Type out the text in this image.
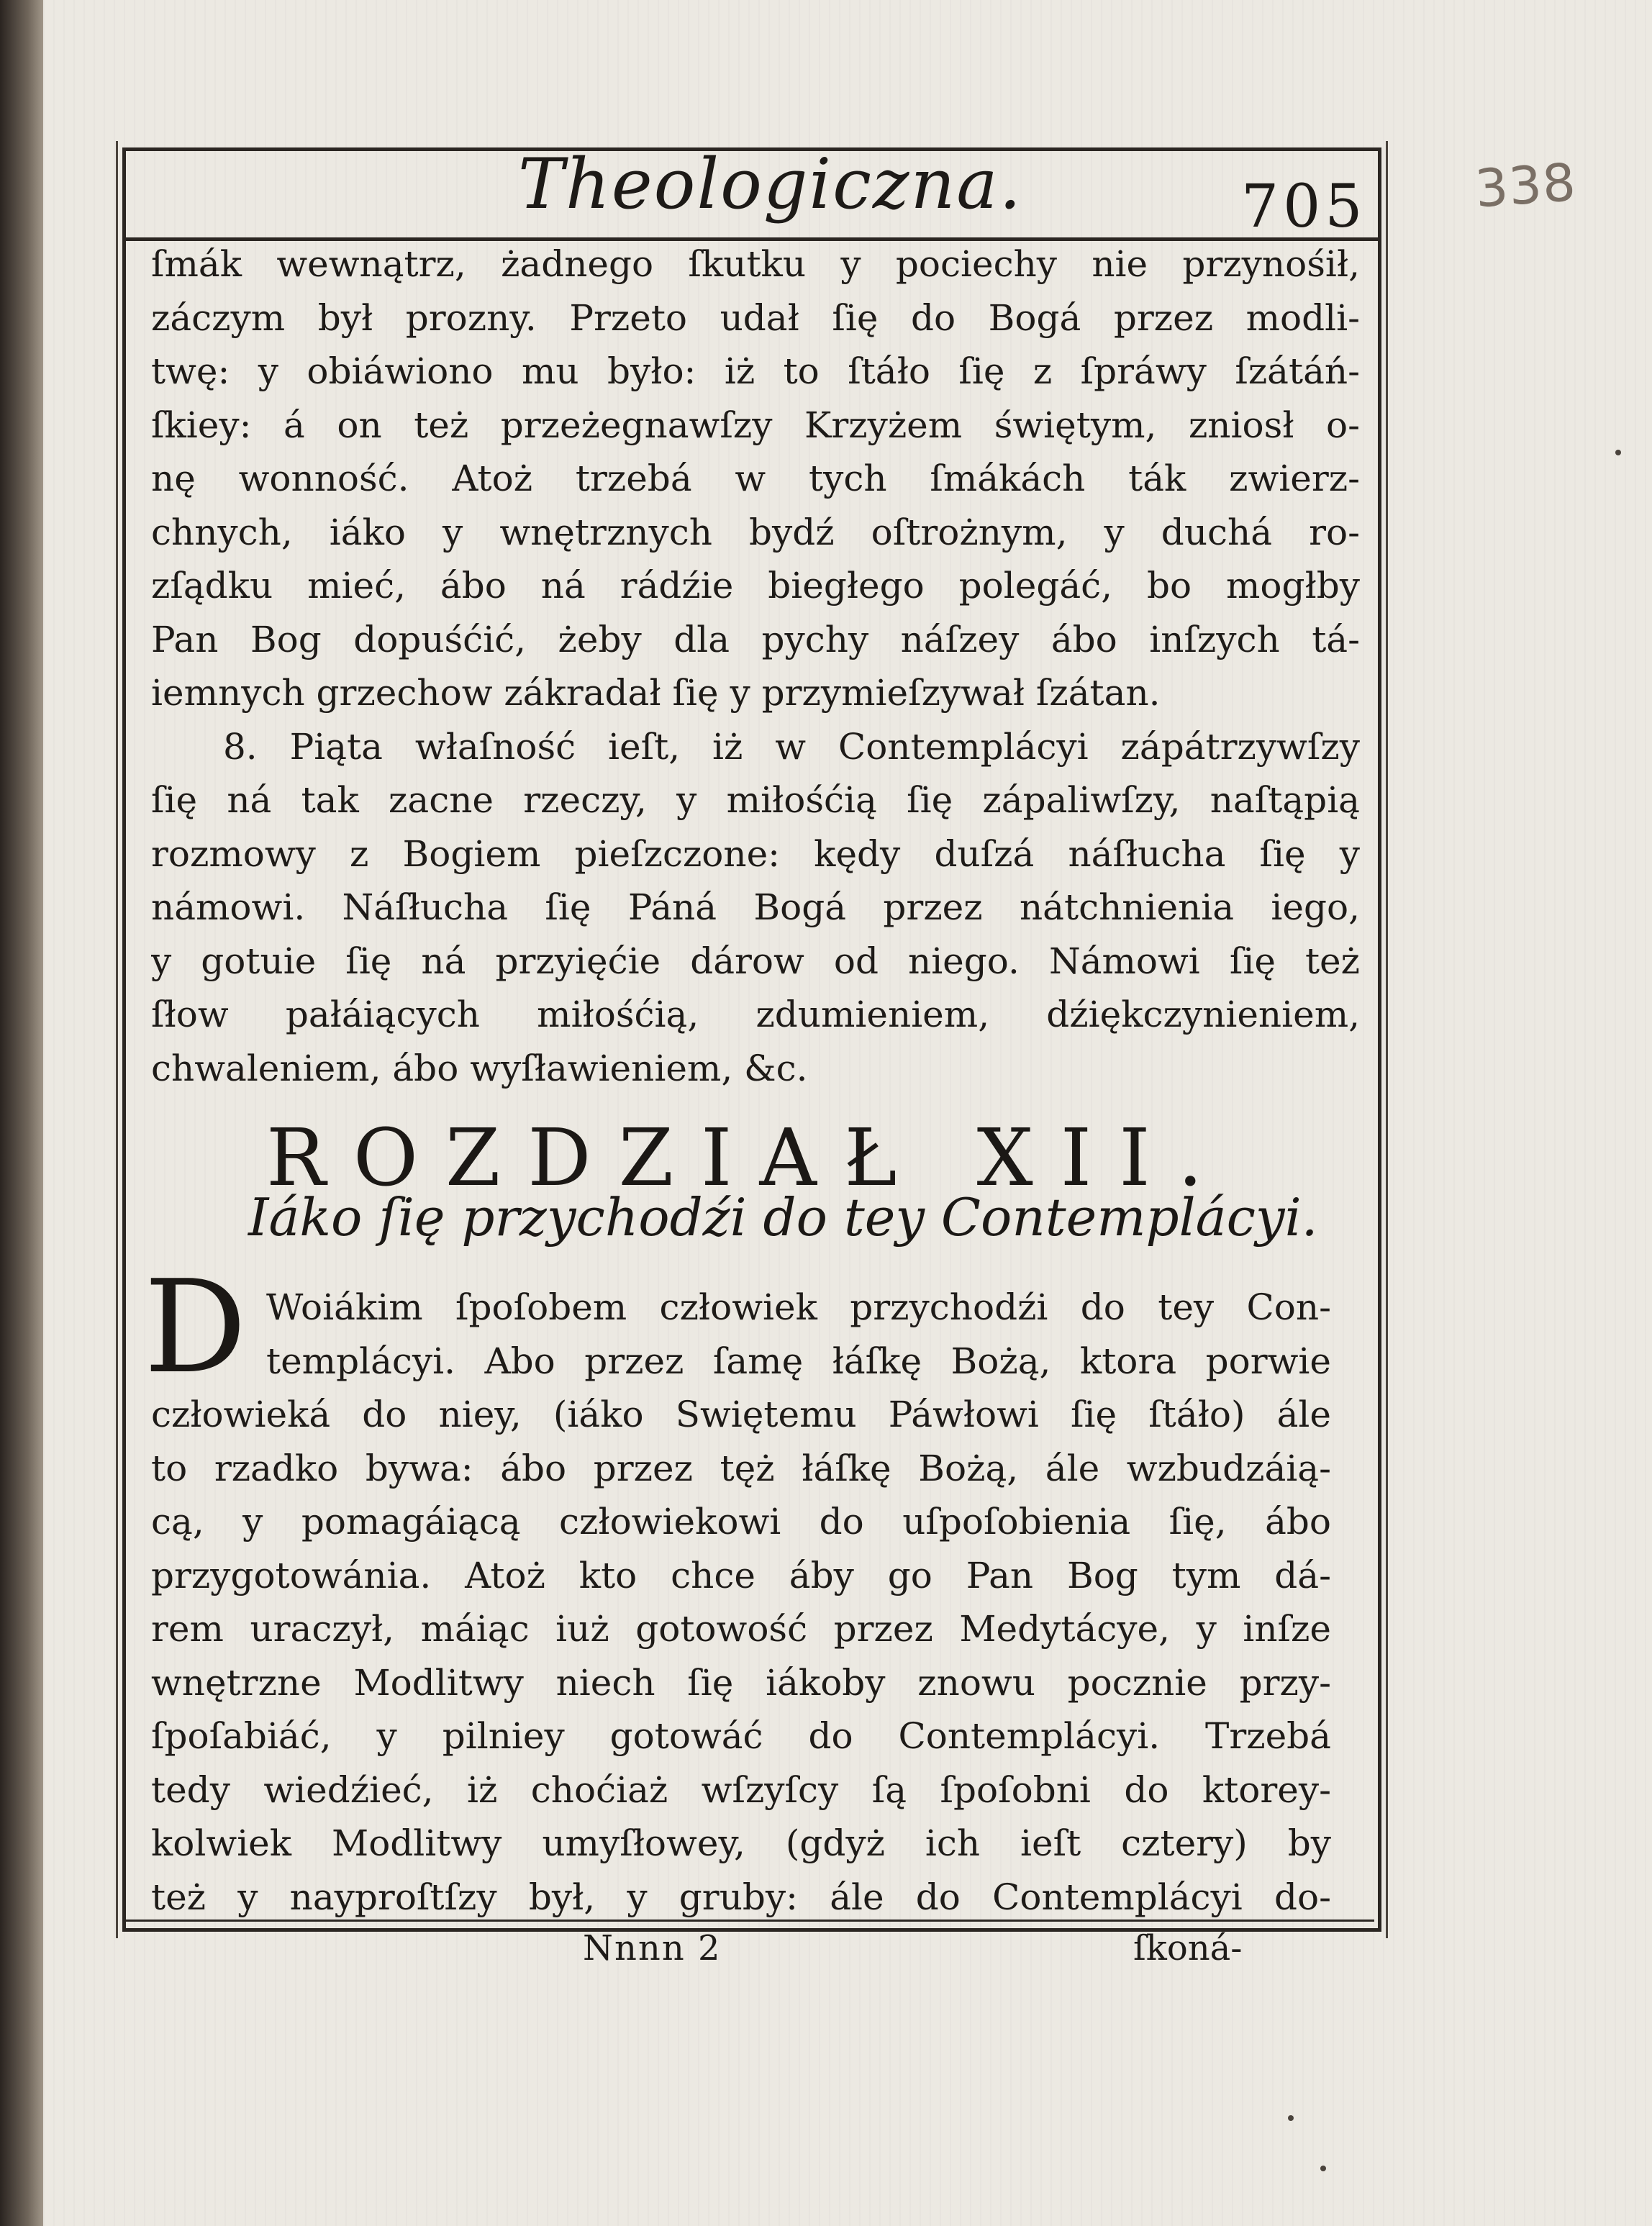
Theologiczna.	705	338
ſmák wewnątrz, żadnego ſkutku y pociechy nie przynośił,
záczym był prozny. Przeto udał ſię do Bogá przez modli-
twę: y obiáwiono mu było: iż to ſtáło ſię z ſpráwy ſzátáń-
ſkiey: á on też przeżegnawſzy Krzyżem świętym, zniosł o-
nę wonność. Atoż trzebá w tych ſmákách ták zwierz-
chnych, iáko y wnętrznych bydź oſtrożnym, y duchá ro-
zſądku mieć, ábo ná rádźie biegłego polegáć, bo mogłby
Pan Bog dopuśćić, żeby dla pychy náſzey ábo inſzych tá-
iemnych grzechow zákradał ſię y przymieſzywał ſzátan.
8. Piąta właſność ieſt, iż w Contemplácyi zápátrzywſzy
ſię ná tak zacne rzeczy, y miłośćią ſię zápaliwſzy, naſtąpią
rozmowy z Bogiem pieſzczone: kędy duſzá náſłucha ſię y
námowi. Náſłucha ſię Páná Bogá przez nátchnienia iego,
y gotuie ſię ná przyięćie dárow od niego. Námowi ſię też
ſłow pałáiących miłośćią, zdumieniem, dźiękczynieniem,
chwaleniem, ábo wyſławieniem, &c.
ROZDZIAŁ XII.
Iáko ſię przychodźi do tey Contemplácyi.
D Woiákim ſpoſobem człowiek przychodźi do tey Con-
templácyi. Abo przez ſamę łáſkę Bożą, ktora porwie
człowieká do niey, (iáko Swiętemu Páwłowi ſię ſtáło) ále
to rzadko bywa: ábo przez tęż łáſkę Bożą, ále wzbudzáią-
cą, y pomagáiącą człowiekowi do uſpoſobienia ſię, ábo
przygotowánia. Atoż kto chce áby go Pan Bog tym dá-
rem uraczył, máiąc iuż gotowość przez Medytácye, y inſze
wnętrzne Modlitwy niech ſię iákoby znowu pocznie przy-
ſpoſabiáć, y pilniey gotowáć do Contemplácyi. Trzebá
tedy wiedźieć, iż choćiaż wſzyſcy ſą ſpoſobni do ktorey-
kolwiek Modlitwy umyſłowey, (gdyż ich ieſt cztery) by
też y nayproſtſzy był, y gruby: ále do Contemplácyi do-
Nnnn 2	ſkoná-
